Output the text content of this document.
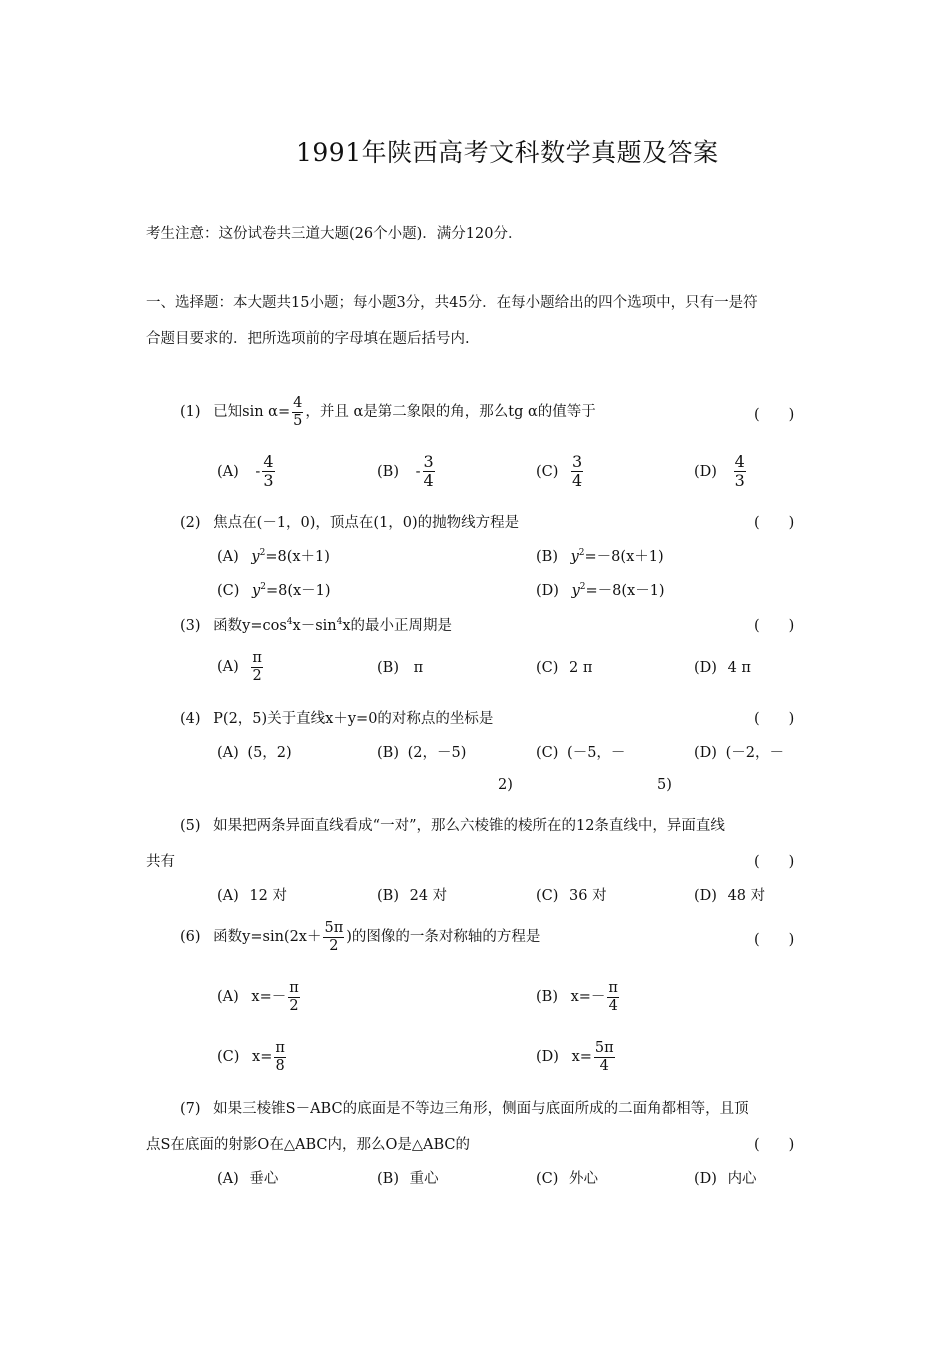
1991年陕西高考文科数学真题及答案
考生注意：这份试卷共三道大题(26个小题)．满分120分．
一、选择题：本大题共15小题；每小题3分，共45分．在每小题给出的四个选项中，只有一是符
合题目要求的．把所选项前的字母填在题后括号内.
(1) 已知$\sin \alpha= \frac{4}{5}$ ，并且 α是第二象限的角，那么tg α的值等于	(　　)
$(A) - \frac{4}{3}$	$(B) - \frac{3}{4}$	$(C) \frac{3}{4}$	$(D) \frac{4}{3}$
(2) 焦点在(－1，0)，顶点在(1，0)的抛物线方程是	(　　)
(A) $y^2=8(x+1)$	(B) $y^2=-8(x+1)$
(C) $y^2=8(x-1)$	(D) $y^2=-8(x-1)$
(3) 函数$y=\cos^4x-\sin^4x$的最小正周期是	(　　)
$(A) \frac{\pi}{2}$	(B) π	(C) 2 π	(D) 4 π
(4) P(2，5)关于直线x＋y=0的对称点的坐标是	(　　)
(A) (5，2)	(B) (2，－5)	(C) (－5，－	(D) (－2，－
2)	5)
(5) 如果把两条异面直线看成“一对”，那么六棱锥的棱所在的12条直线中，异面直线
共有	(　　)
(A) 12 对	(B) 24 对	(C) 36 对	(D) 48 对
(6) 函数$y=\sin(2x+ \frac{5\pi}{2}$ )的图像的一条对称轴的方程是	(　　)
(A) $x=- \frac{\pi}{2}$	(B) $x=- \frac{\pi}{4}$
(C) $x= \frac{\pi}{8}$	(D) $x= \frac{5\pi}{4}$
(7) 如果三棱锥S－ABC的底面是不等边三角形，侧面与底面所成的二面角都相等，且顶
点S在底面的射影O在△ABC内，那么O是△ABC的	(　　)
(A) 垂心	(B) 重心	(C) 外心	(D) 内心
